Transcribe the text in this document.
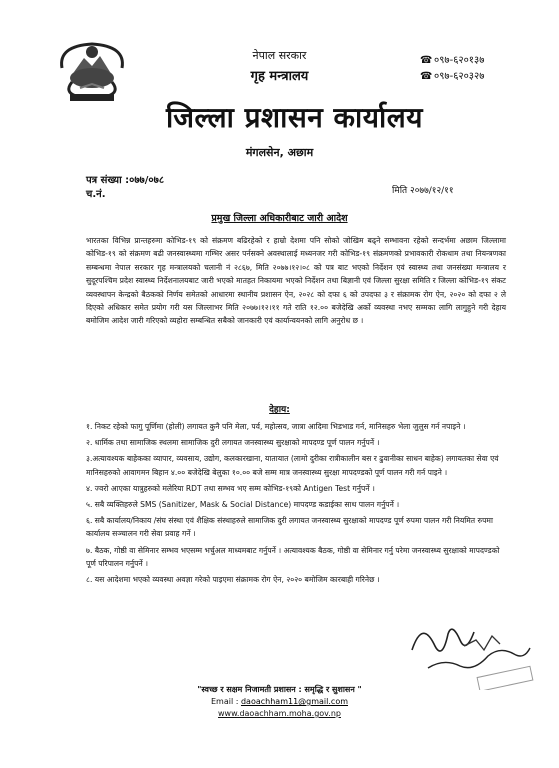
नेपाल सरकार
गृह मन्त्रालय
जिल्ला प्रशासन कार्यालय
मंगलसेन, अछाम
☎ ०९७-६२०१३७
☎ ०९७-६२०३२७
पत्र संख्या :०७७/०७८
च.नं.	मिति २०७७/१२/११
प्रमुख जिल्ला अधिकारीबाट जारी आदेश
भारतका विभिन्न प्रान्तहरुमा कोभिड-१९ को संक्रमण बढिरहेको र हाम्रो देशमा पनि सोको जोखिम बढ्ने सम्भावना रहेको सन्दर्भमा अछाम जिल्लामा कोभिड-१९ को संक्रमण बढी जनस्वास्थ्यमा गम्भिर असर पर्नसक्ने अवस्थालाई मध्यनजर गरी कोभिड-१९ संक्रमणको प्रभावकारी रोकथाम तथा नियन्त्रणका सम्बन्धमा नेपाल सरकार गृह मन्त्रालयको चलानी नं २८६७, मिति २०७७।१२।०८ को पत्र बाट भएको निर्देशन एवं स्वास्थ्य तथा जनसंख्या मन्त्रालय र सुदूरपश्चिम प्रदेश स्वास्थ्य निर्देशनालयबाट जारी भएको मातहत निकायमा भएको निर्देशन तथा बिज्ञानी एवं जिल्ला सुरक्षा समिति र जिल्ला कोभिड-१९ संकट व्यवस्थापन केन्द्रको बैठकको निर्णय समेतको आधारमा स्थानीय प्रशासन ऐन, २०२८ को दफा ६ को उपदफा ३ र संक्रामक रोग ऐन, २०२० को दफा २ ले दिएको अधिकार समेत प्रयोग गरी यस जिल्लाभर मिति २०७७।१२।११ गते राति १२.०० बजेदेखि अर्को व्यवस्था नभए सम्मका लागि लागुहुने गरी देहाय बमोजिम आदेश जारी गरिएको व्यहोरा सम्बन्धित सबैको जानकारी एवं कार्यान्वयनको लागि अनुरोध छ ।
देहाय:
१. निकट रहेको फागु पूर्णिमा (होली) लगायत कुनै पनि मेला, पर्व, महोत्सव, जात्रा आदिमा भिडभाड गर्न, मानिसहरु भेला जुलुस गर्न नपाइने ।
२. धार्मिक तथा सामाजिक स्थलमा सामाजिक दुरी लगायत जनस्वास्थ्य सुरक्षाको मापदण्ड पूर्ण पालन गर्नुपर्ने ।
३.अत्यावश्यक बाहेकका व्यापार, व्यवसाय, उद्योग, कलकारखाना, यातायात (लामो दुरीका रात्रीकालीन बस र ढुवानीका साधन बाहेक) लगायतका सेवा एवं मानिसहरुको आवागमन बिहान ४.०० बजेदेखि बेलुका १०.०० बजे सम्म मात्र जनस्वास्थ्य सुरक्षा मापदण्डको पूर्ण पालन गरी गर्न पाइने ।
४. ज्वरो आएका यात्रुहरुको मलेरिया RDT तथा सम्भव भए सम्म कोभिड-१९को Antigen Test गर्नुपर्ने ।
५. सबै व्यक्तिहरुले SMS (Sanitizer, Mask & Social Distance) मापदण्ड कडाईका साथ पालन गर्नुपर्ने ।
६. सबै कार्यालय/निकाय /संघ संस्था एवं शैक्षिक संस्थाहरुले सामाजिक दुरी लगायत जनस्वास्थ्य सुरक्षाको मापदण्ड पूर्ण रुपमा पालन गरी नियमित रुपमा कार्यालय सञ्चालन गरी सेवा प्रवाह गर्ने ।
७. बैठक, गोष्ठी वा सेमिनार सम्भव भएसम्म भर्चुअल माध्यमबाट गर्नुपर्ने । अत्यावश्यक बैठक, गोष्ठी वा सेमिनार गर्नु परेमा जनस्वास्थ्य सुरक्षाको मापदण्डको पूर्ण परिपालन गर्नुपर्ने ।
८. यस आदेशमा भएको व्यवस्था अवज्ञा गरेको पाइएमा संक्रामक रोग ऐन, २०२० बमोजिम कारबाही गरिनेछ ।
"स्वच्छ र सक्षम निजामती प्रशासन : समृद्धि र सुशासन "
Email : daoachham11@gmail.com
www.daoachham.moha.gov.np
